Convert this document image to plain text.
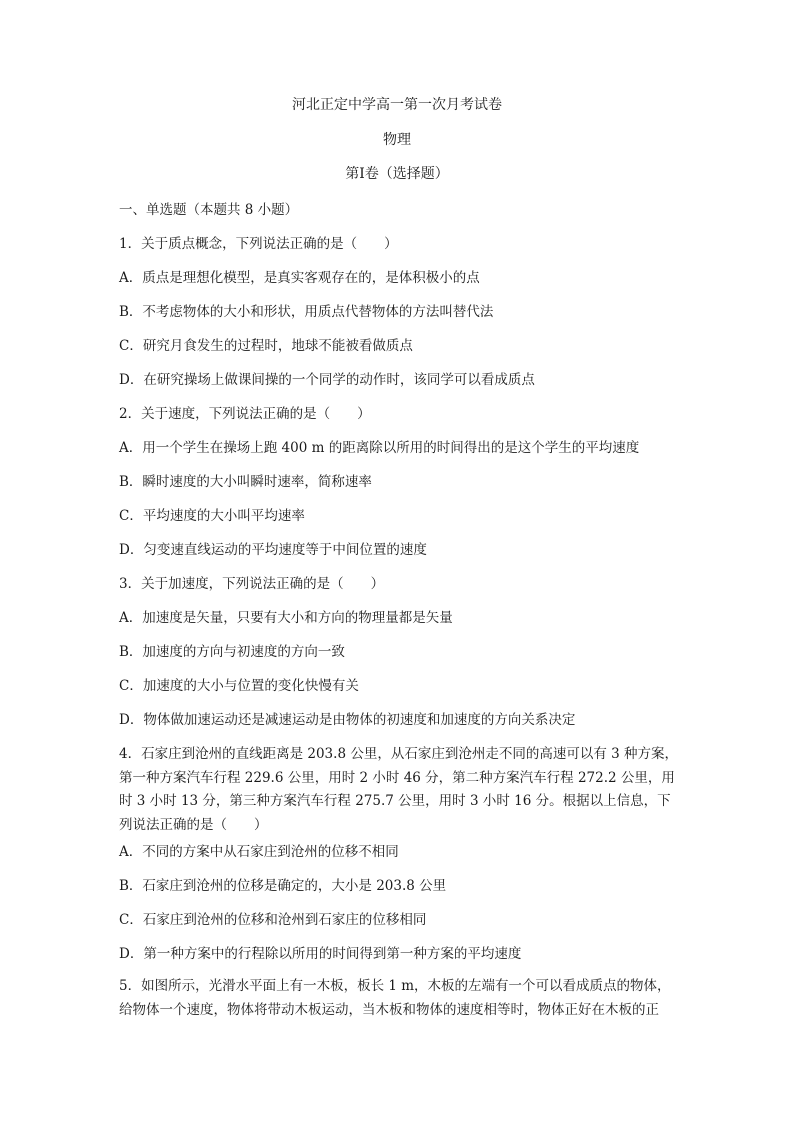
河北正定中学高一第一次月考试卷
物理
第Ⅰ卷（选择题）

一、单选题（本题共 8 小题）

1．关于质点概念，下列说法正确的是（　　）

A．质点是理想化模型，是真实客观存在的，是体积极小的点

B．不考虑物体的大小和形状，用质点代替物体的方法叫替代法

C．研究月食发生的过程时，地球不能被看做质点

D．在研究操场上做课间操的一个同学的动作时，该同学可以看成质点

2．关于速度，下列说法正确的是（　　）

A．用一个学生在操场上跑 400 m 的距离除以所用的时间得出的是这个学生的平均速度

B．瞬时速度的大小叫瞬时速率，简称速率

C．平均速度的大小叫平均速率

D．匀变速直线运动的平均速度等于中间位置的速度

3．关于加速度，下列说法正确的是（　　）

A．加速度是矢量，只要有大小和方向的物理量都是矢量

B．加速度的方向与初速度的方向一致

C．加速度的大小与位置的变化快慢有关

D．物体做加速运动还是减速运动是由物体的初速度和加速度的方向关系决定

4．石家庄到沧州的直线距离是 203.8 公里，从石家庄到沧州走不同的高速可以有 3 种方案，第一种方案汽车行程 229.6 公里，用时 2 小时 46 分，第二种方案汽车行程 272.2 公里，用时 3 小时 13 分，第三种方案汽车行程 275.7 公里，用时 3 小时 16 分。根据以上信息，下列说法正确的是（　　）

A．不同的方案中从石家庄到沧州的位移不相同

B．石家庄到沧州的位移是确定的，大小是 203.8 公里

C．石家庄到沧州的位移和沧州到石家庄的位移相同

D．第一种方案中的行程除以所用的时间得到第一种方案的平均速度

5．如图所示，光滑水平面上有一木板，板长 1 m，木板的左端有一个可以看成质点的物体，给物体一个速度，物体将带动木板运动，当木板和物体的速度相等时，物体正好在木板的正
